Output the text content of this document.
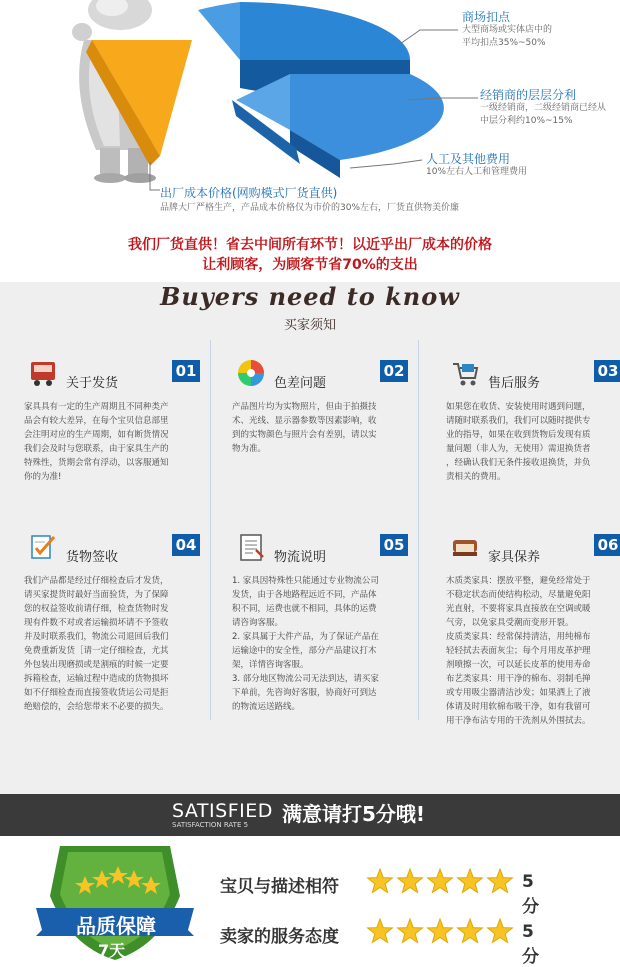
商场扣点
大型商场或实体店中的
平均扣点35%~50%
经销商的层层分利
一级经销商，二级经销商已经从
中层分利约10%~15%
人工及其他费用
10%左右人工和管理费用
出厂成本价格(网购模式厂货直供)
品牌大厂严格生产，产品成本价格仅为市价的30%左右，厂货直供物美价廉
我们厂货直供！省去中间所有环节！以近乎出厂成本的价格
让利顾客，为顾客节省70%的支出
Buyers need to know
买家须知
关于发货
01
家具具有一定的生产周期且不同种类产
品会有较大差异，在每个宝贝信息部里
会注明对应的生产周期，如有断货情况
我们会及时与您联系，由于家具生产的
特殊性，货期会常有浮动，以客服通知
你的为准!
色差问题
02
产品图片均为实物照片，但由于拍摄技
术、光线、显示器参数等因素影响，收
到的实物颜色与照片会有差别，请以实
物为准。
售后服务
03
如果您在收货、安装使用时遇到问题，
请随时联系我们，我们可以随时提供专
业的指导，如果在收到货物后发现有质
量问题（非人为，无使用）需退换货者
，经确认我们无条件接收退换货，并负
责相关的费用。
货物签收
04
我们产品都是经过仔细检查后才发货，
请买家提货时最好当面验货，为了保障
您的权益签收前请仔细，检查货物时发
现有件数不对或者运输损坏请不予签收
并及时联系我们，物流公司退回后我们
免费重新发货［请一定仔细检查，尤其
外包装出现磨损或是割痕的时候一定要
拆箱检查，运输过程中造成的货物损坏
如不仔细检查而直接签收货运公司是拒
绝赔偿的，会给您带来不必要的损失。
物流说明
05
1. 家具因特殊性只能通过专业物流公司
发货，由于各地路程远近不同，产品体
积不同，运费也就不相同，具体的运费
请咨询客服。
2. 家具属于大件产品，为了保证产品在
运输途中的安全性，部分产品建议打木
架，详情咨询客服。
3. 部分地区物流公司无法到达，请买家
下单前，先咨询好客服，协商好可到达
的物流运送路线。
家具保养
06
木质类家具：摆放平整，避免经常处于
不稳定状态而使结构松动，尽量避免阳
光直射，不要将家具直接放在空调或暖
气旁，以免家具受潮而变形开裂。
皮质类家具：经常保持清洁，用纯棉布
轻轻拭去表面灰尘；每个月用皮革护理
剂喷擦一次，可以延长皮革的使用寿命
布艺类家具：用干净的棉布、羽制毛掸
或专用吸尘器清洁沙发；如果洒上了液
体请及时用软棉布吸干净，如有我留可
用干净布沾专用的干洗剂从外围拭去。
SATISFIED
SATISFACTION RATE 5 满意请打5分哦!
品质保障
7天
宝贝与描述相符	5分
卖家的服务态度	5分
